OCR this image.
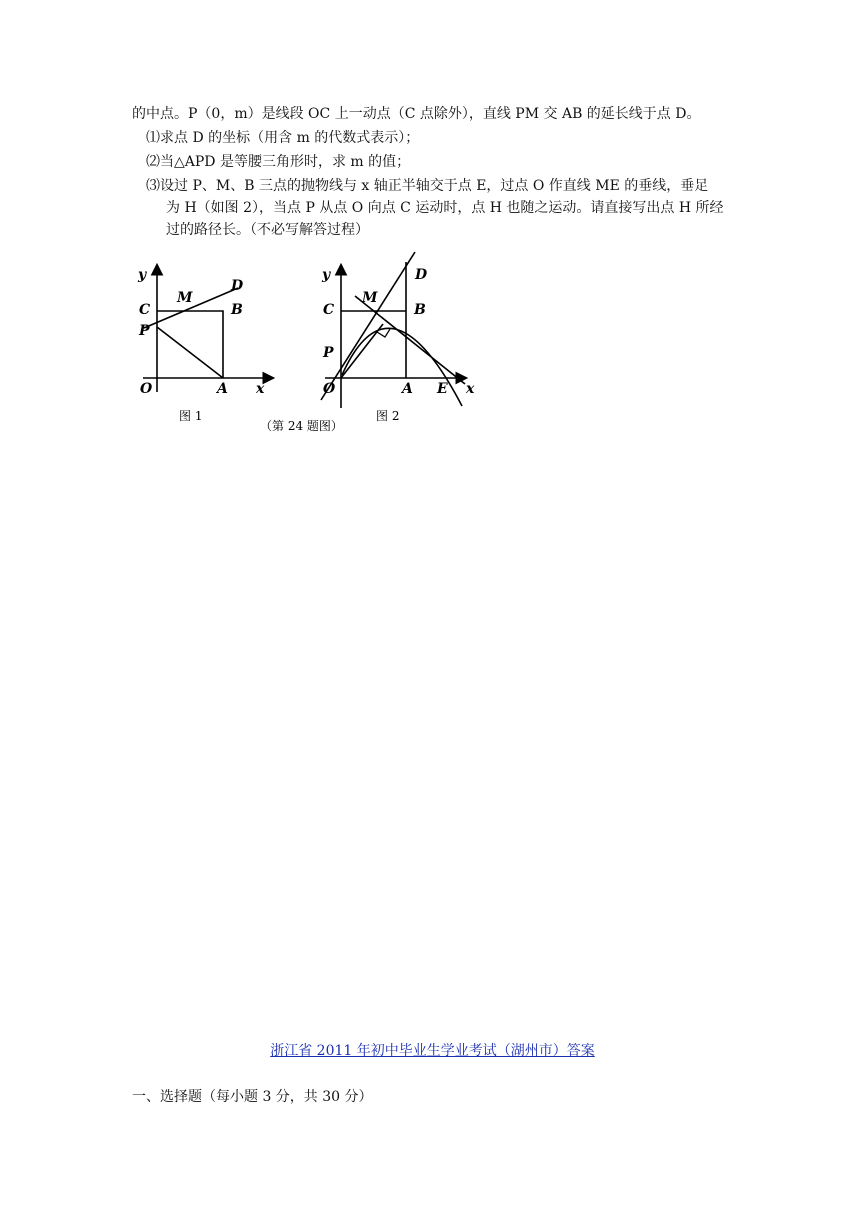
的中点。P（0，m）是线段 OC 上一动点（C 点除外），直线 PM 交 AB 的延长线于点 D。
⑴求点 D 的坐标（用含 m 的代数式表示）；
⑵当△APD 是等腰三角形时，求 m 的值；
⑶设过 P、M、B 三点的抛物线与 x 轴正半轴交于点 E，过点 O 作直线 ME 的垂线，垂足
为 H（如图 2），当点 P 从点 O 向点 C 运动时，点 H 也随之运动。请直接写出点 H 所经
过的路径长。（不必写解答过程）
y
C
M
D
B
P
O	A x
图 1
y	D
C
M
B
P
O	A E x
图 2
（第 24 题图）
浙江省 2011 年初中毕业生学业考试（湖州市）答案
一、选择题（每小题 3 分，共 30 分）
